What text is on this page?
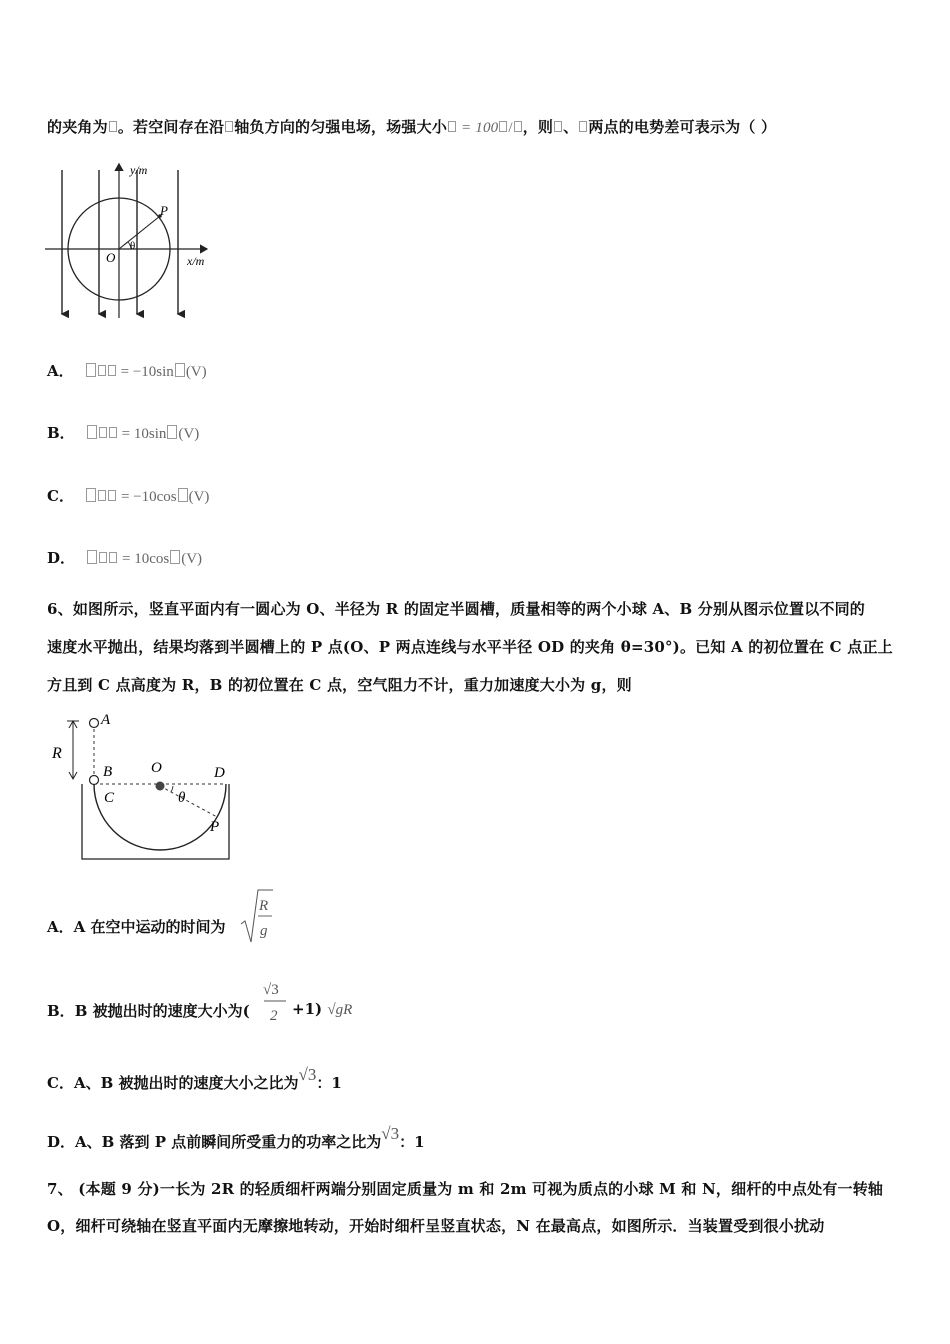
的夹角为 。若空间存在沿 轴负方向的匀强电场，场强大小 = 100 / ，则 、 两点的电势差可表示为（ ）
y/m
x/m
O
P
θ
A．	= −10sin (V)
B．	= 10sin (V)
C．	= −10cos (V)
D．	= 10cos (V)
6、如图所示，竖直平面内有一圆心为 O、半径为 R 的固定半圆槽，质量相等的两个小球 A、B 分别从图示位置以不同的
速度水平抛出，结果均落到半圆槽上的 P 点(O、P 两点连线与水平半径 OD 的夹角 θ=30°)。已知 A 的初位置在 C 点正上
方且到 C 点高度为 R，B 的初位置在 C 点，空气阻力不计，重力加速度大小为 g，则
A
R
B	O	D
C	θ
P
A．A 在空中运动的时间为
R
g
B．B 被抛出时的速度大小为(
√3
2 +1) √gR
C．A、B 被抛出时的速度大小之比为√3：1
D．A、B 落到 P 点前瞬间所受重力的功率之比为√3：1
7、 (本题 9 分)一长为 2R 的轻质细杆两端分别固定质量为 m 和 2m 可视为质点的小球 M 和 N，细杆的中点处有一转轴
O，细杆可绕轴在竖直平面内无摩擦地转动，开始时细杆呈竖直状态，N 在最高点，如图所示．当装置受到很小扰动
